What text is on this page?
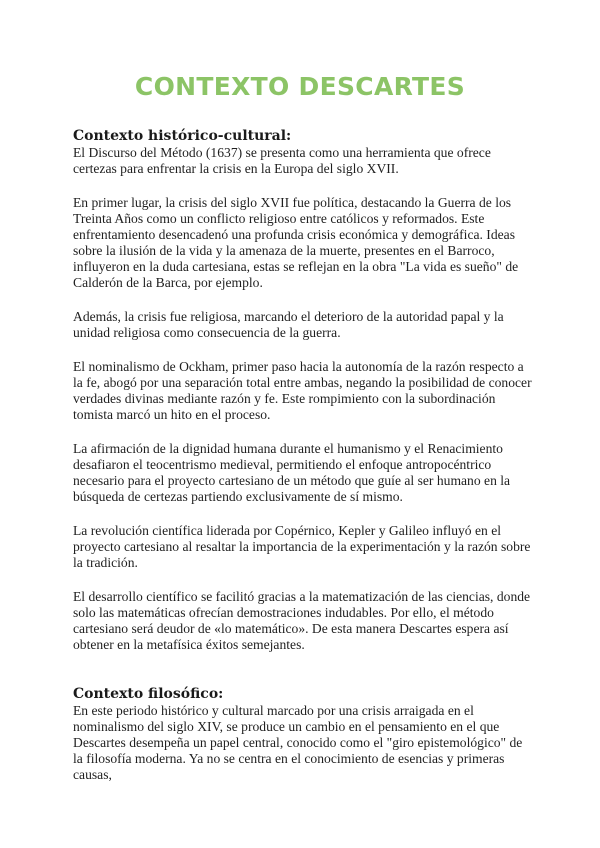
CONTEXTO DESCARTES
Contexto histórico-cultural:

El Discurso del Método (1637) se presenta como una herramienta que ofrece certezas para enfrentar la crisis en la Europa del siglo XVII.

En primer lugar, la crisis del siglo XVII fue política, destacando la Guerra de los Treinta Años como un conflicto religioso entre católicos y reformados. Este enfrentamiento desencadenó una profunda crisis económica y demográfica. Ideas sobre la ilusión de la vida y la amenaza de la muerte, presentes en el Barroco, influyeron en la duda cartesiana, estas se reflejan en la obra "La vida es sueño" de Calderón de la Barca, por ejemplo.

Además, la crisis fue religiosa, marcando el deterioro de la autoridad papal y la unidad religiosa como consecuencia de la guerra.

El nominalismo de Ockham, primer paso hacia la autonomía de la razón respecto a la fe, abogó por una separación total entre ambas, negando la posibilidad de conocer verdades divinas mediante razón y fe. Este rompimiento con la subordinación tomista marcó un hito en el proceso.

La afirmación de la dignidad humana durante el humanismo y el Renacimiento desafiaron el teocentrismo medieval, permitiendo el enfoque antropocéntrico necesario para el proyecto cartesiano de un método que guíe al ser humano en la búsqueda de certezas partiendo exclusivamente de sí mismo.

La revolución científica liderada por Copérnico, Kepler y Galileo influyó en el proyecto cartesiano al resaltar la importancia de la experimentación y la razón sobre la tradición.

El desarrollo científico se facilitó gracias a la matematización de las ciencias, donde solo las matemáticas ofrecían demostraciones indudables. Por ello, el método cartesiano será deudor de «lo matemático». De esta manera Descartes espera así obtener en la metafísica éxitos semejantes.

Contexto filosófico:

En este periodo histórico y cultural marcado por una crisis arraigada en el nominalismo del siglo XIV, se produce un cambio en el pensamiento en el que Descartes desempeña un papel central, conocido como el "giro epistemológico" de la filosofía moderna. Ya no se centra en el conocimiento de esencias y primeras causas,
